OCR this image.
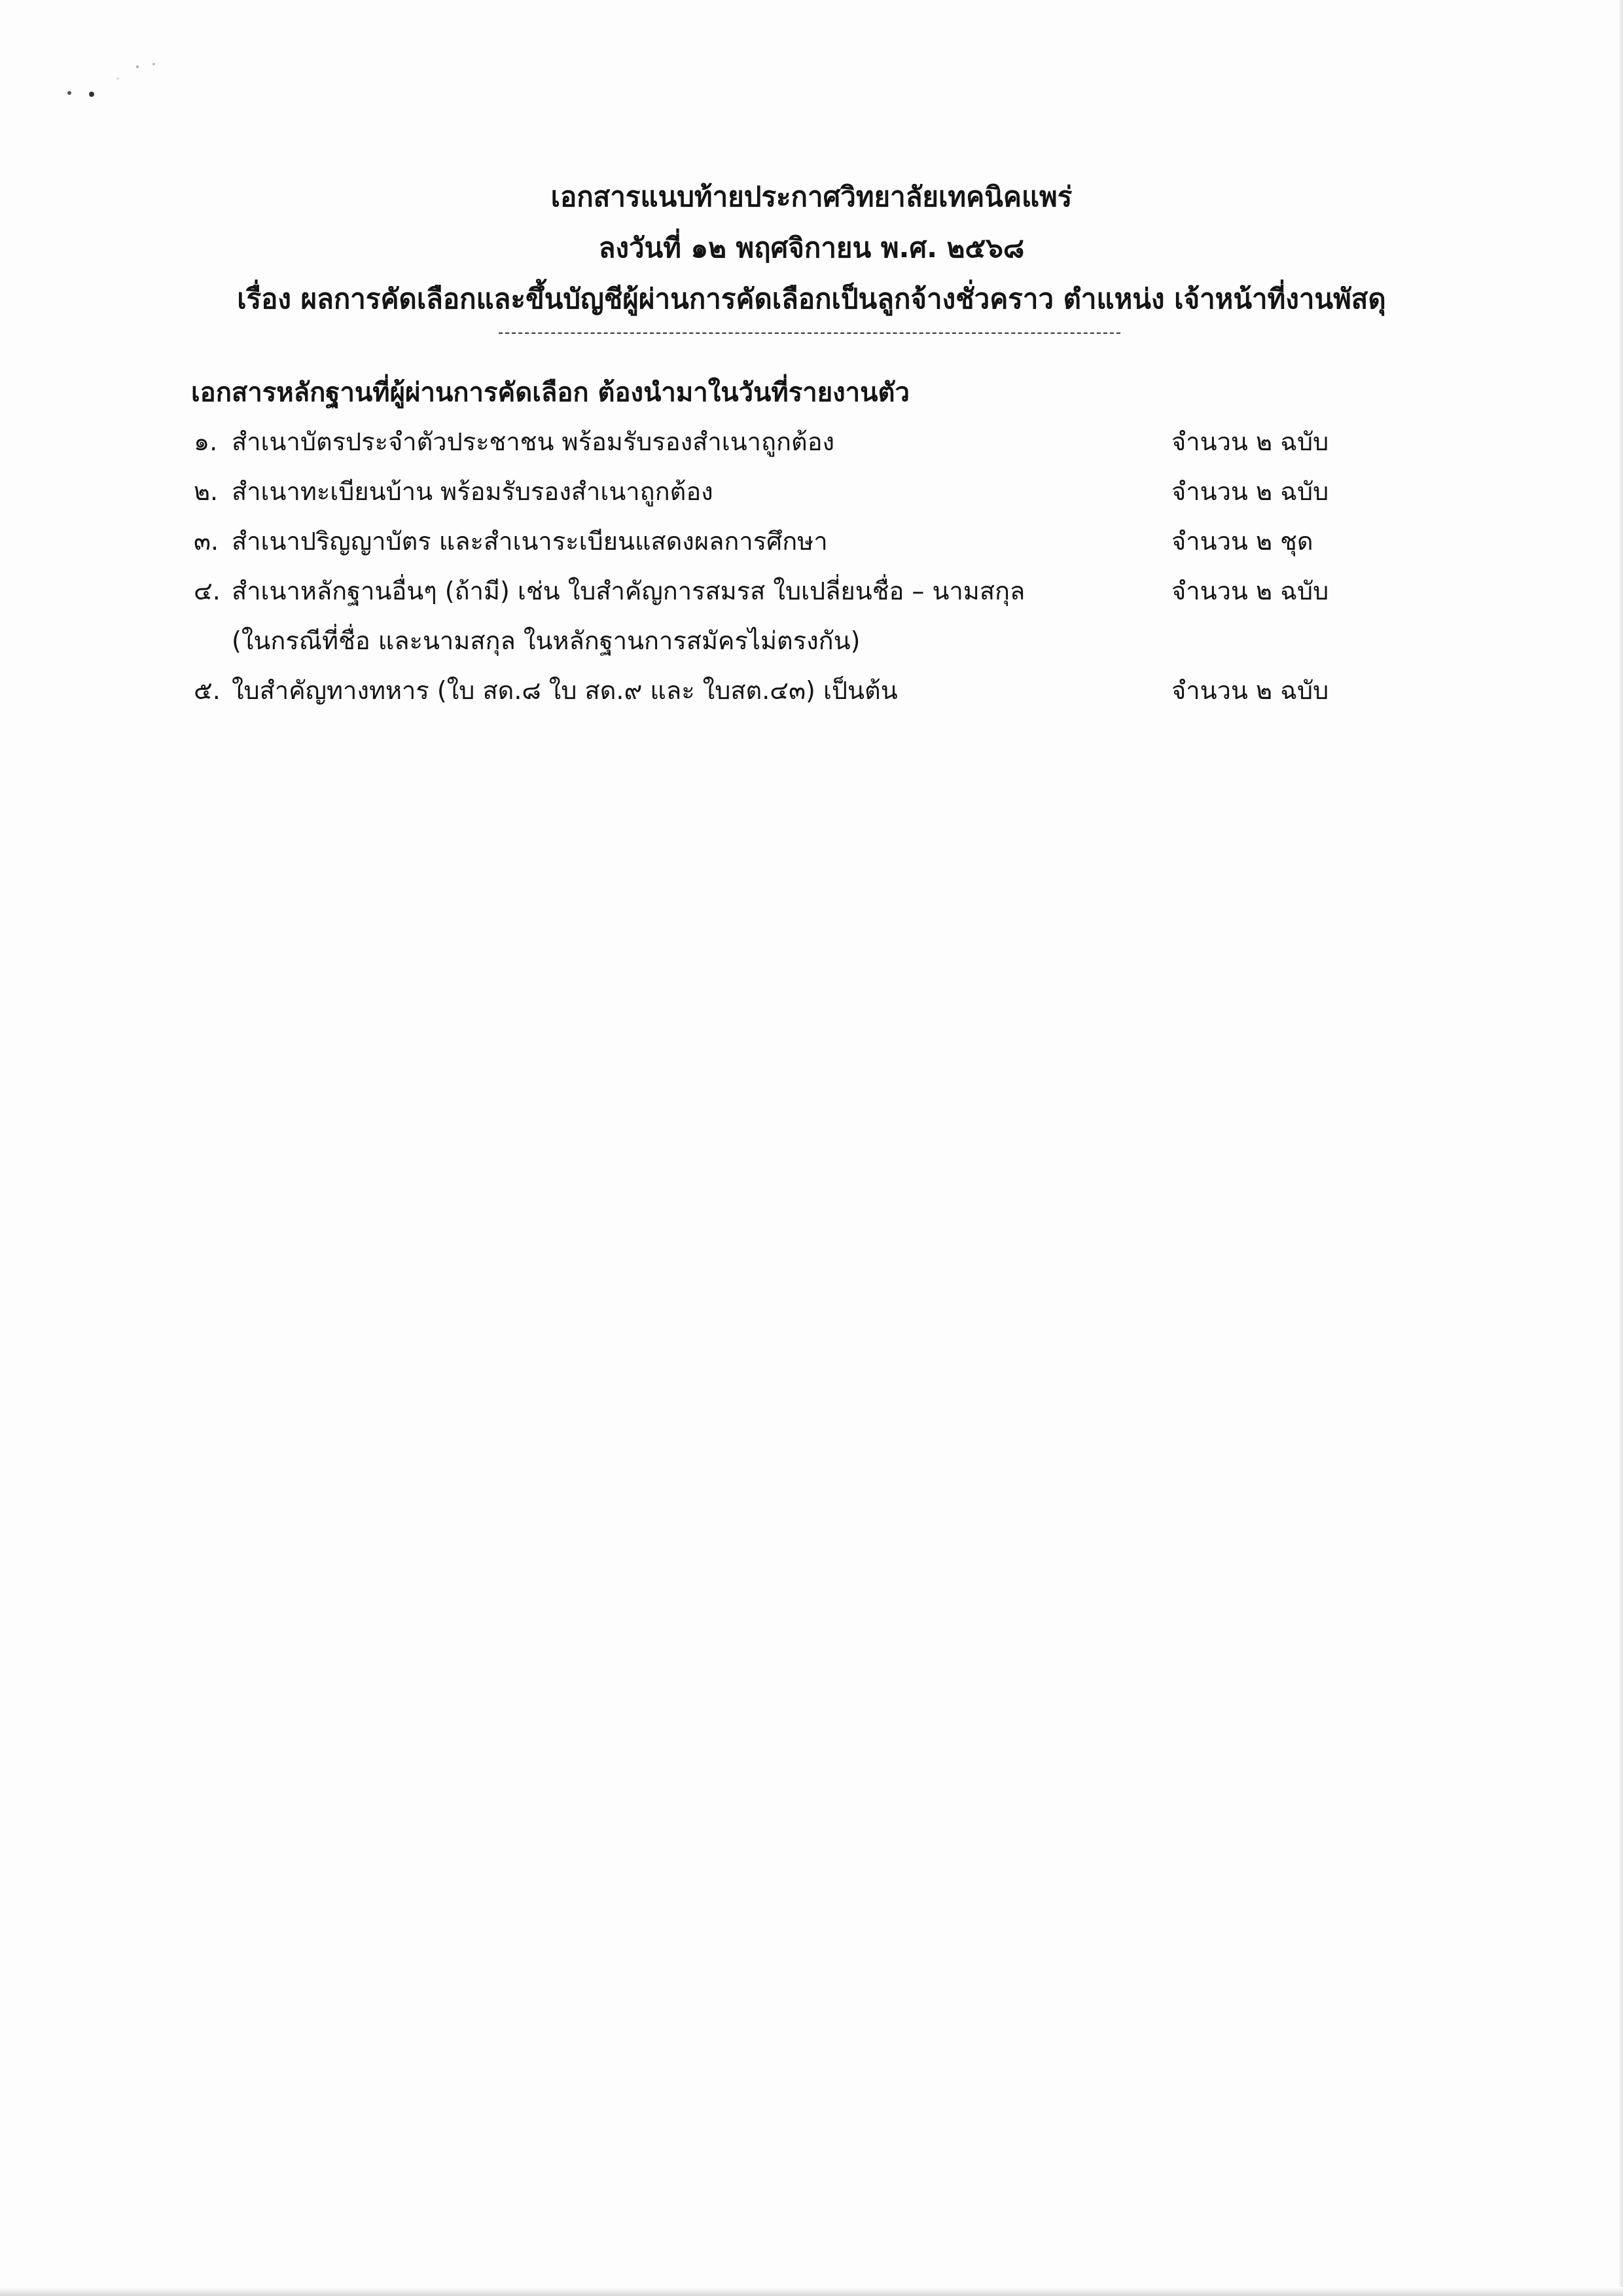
เอกสารแนบท้ายประกาศวิทยาลัยเทคนิคแพร่
ลงวันที่ ๑๒ พฤศจิกายน พ.ศ. ๒๕๖๘
เรื่อง ผลการคัดเลือกและขึ้นบัญชีผู้ผ่านการคัดเลือกเป็นลูกจ้างชั่วคราว ตำแหน่ง เจ้าหน้าที่งานพัสดุ
เอกสารหลักฐานที่ผู้ผ่านการคัดเลือก ต้องนำมาในวันที่รายงานตัว
๑. สำเนาบัตรประจำตัวประชาชน พร้อมรับรองสำเนาถูกต้อง	จำนวน ๒ ฉบับ
๒. สำเนาทะเบียนบ้าน พร้อมรับรองสำเนาถูกต้อง	จำนวน ๒ ฉบับ
๓. สำเนาปริญญาบัตร และสำเนาระเบียนแสดงผลการศึกษา	จำนวน ๒ ชุด
๔. สำเนาหลักฐานอื่นๆ (ถ้ามี) เช่น ใบสำคัญการสมรส ใบเปลี่ยนชื่อ – นามสกุล	จำนวน ๒ ฉบับ
(ในกรณีที่ชื่อ และนามสกุล ในหลักฐานการสมัครไม่ตรงกัน)
๕. ใบสำคัญทางทหาร (ใบ สด.๘ ใบ สด.๙ และ ใบสต.๔๓) เป็นต้น	จำนวน ๒ ฉบับ
